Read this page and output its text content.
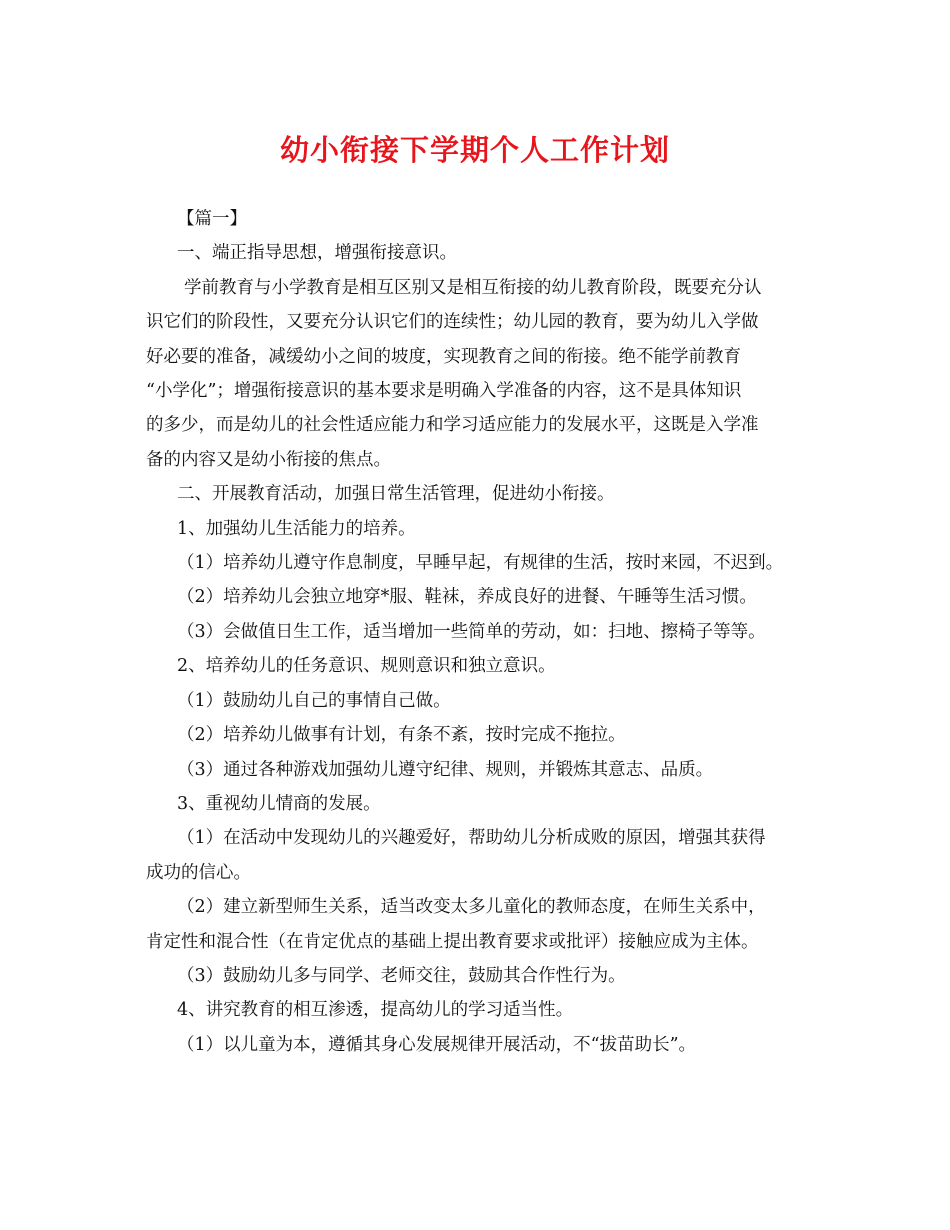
幼小衔接下学期个人工作计划

【篇一】

一、端正指导思想，增强衔接意识。

学前教育与小学教育是相互区别又是相互衔接的幼儿教育阶段，既要充分认

识它们的阶段性，又要充分认识它们的连续性；幼儿园的教育，要为幼儿入学做

好必要的准备，减缓幼小之间的坡度，实现教育之间的衔接。绝不能学前教育

“小学化”；增强衔接意识的基本要求是明确入学准备的内容，这不是具体知识

的多少，而是幼儿的社会性适应能力和学习适应能力的发展水平，这既是入学准

备的内容又是幼小衔接的焦点。

二、开展教育活动，加强日常生活管理，促进幼小衔接。

1、加强幼儿生活能力的培养。

（1）培养幼儿遵守作息制度，早睡早起，有规律的生活，按时来园，不迟到。

（2）培养幼儿会独立地穿*服、鞋袜，养成良好的进餐、午睡等生活习惯。

（3）会做值日生工作，适当增加一些简单的劳动，如：扫地、擦椅子等等。

2、培养幼儿的任务意识、规则意识和独立意识。

（1）鼓励幼儿自己的事情自己做。

（2）培养幼儿做事有计划，有条不紊，按时完成不拖拉。

（3）通过各种游戏加强幼儿遵守纪律、规则，并锻炼其意志、品质。

3、重视幼儿情商的发展。

（1）在活动中发现幼儿的兴趣爱好，帮助幼儿分析成败的原因，增强其获得

成功的信心。

（2）建立新型师生关系，适当改变太多儿童化的教师态度，在师生关系中，

肯定性和混合性（在肯定优点的基础上提出教育要求或批评）接触应成为主体。

（3）鼓励幼儿多与同学、老师交往，鼓励其合作性行为。

4、讲究教育的相互渗透，提高幼儿的学习适当性。

（1）以儿童为本，遵循其身心发展规律开展活动，不“拔苗助长”。
